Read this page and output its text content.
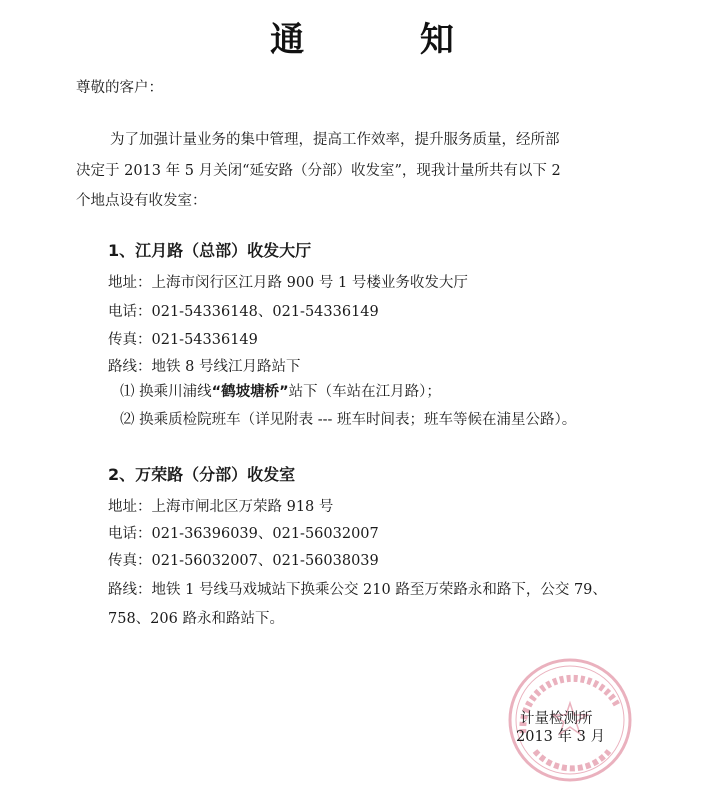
通 知
尊敬的客户：
为了加强计量业务的集中管理，提高工作效率，提升服务质量，经所部
决定于 2013 年 5 月关闭“延安路（分部）收发室”，现我计量所共有以下 2
个地点设有收发室：
1、江月路（总部）收发大厅
地址：上海市闵行区江月路 900 号 1 号楼业务收发大厅
电话：021-54336148、021-54336149
传真：021-54336149
路线：地铁 8 号线江月路站下
⑴ 换乘川浦线“鹤坡塘桥”站下（车站在江月路）；
⑵ 换乘质检院班车（详见附表 --- 班车时间表；班车等候在浦星公路）。
2、万荣路（分部）收发室
地址：上海市闸北区万荣路 918 号
电话：021-36396039、021-56032007
传真：021-56032007、021-56038039
路线：地铁 1 号线马戏城站下换乘公交 210 路至万荣路永和路下，公交 79、
758、206 路永和路站下。
计量检测所
2013 年 3 月
